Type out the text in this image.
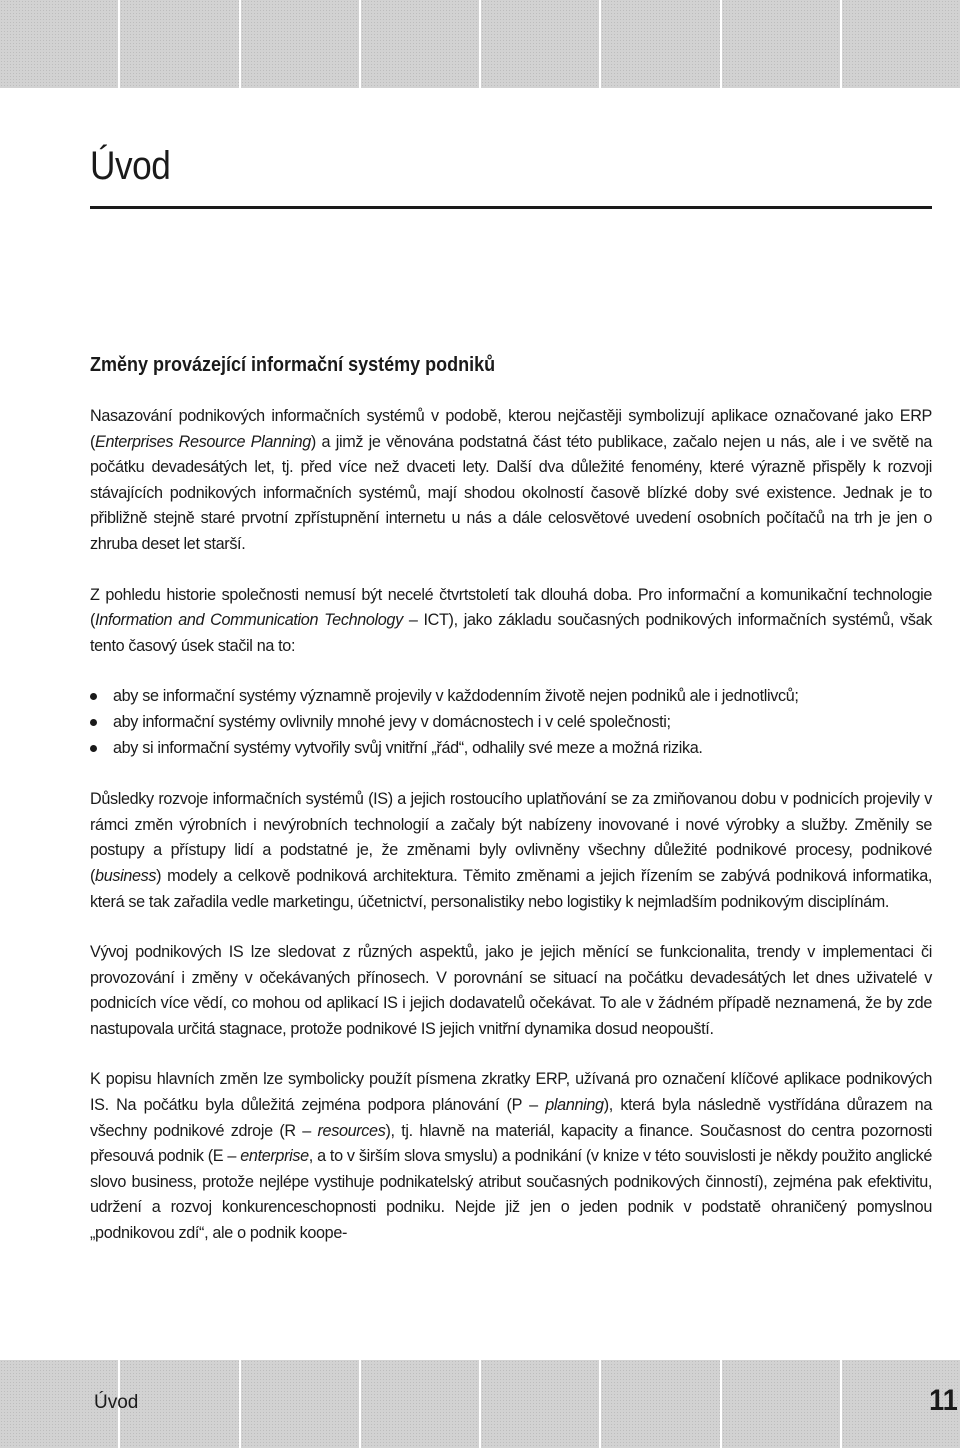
Úvod
Změny provázející informační systémy podniků

Nasazování podnikových informačních systémů v podobě, kterou nejčastěji symbolizují aplikace označované jako ERP (Enterprises Resource Planning) a jimž je věnována podstatná část této publikace, začalo nejen u nás, ale i ve světě na počátku devadesátých let, tj. před více než dvaceti lety. Další dva důležité fenomény, které výrazně přispěly k rozvoji stávajících podnikových informačních systémů, mají shodou okolností časově blízké doby své existence. Jednak je to přibližně stejně staré prvotní zpřístupnění internetu u nás a dále celosvětové uvedení osobních počítačů na trh je jen o zhruba deset let starší.

Z pohledu historie společnosti nemusí být necelé čtvrtstoletí tak dlouhá doba. Pro informační a komunikační technologie (Information and Communication Technology – ICT), jako základu současných podnikových informačních systémů, však tento časový úsek stačil na to:

aby se informační systémy významně projevily v každodenním životě nejen podniků ale i jednotlivců;
aby informační systémy ovlivnily mnohé jevy v domácnostech i v celé společnosti;
aby si informační systémy vytvořily svůj vnitřní „řád“, odhalily své meze a možná rizika.

Důsledky rozvoje informačních systémů (IS) a jejich rostoucího uplatňování se za zmiňovanou dobu v podnicích projevily v rámci změn výrobních i nevýrobních technologií a začaly být nabízeny inovované i nové výrobky a služby. Změnily se postupy a přístupy lidí a podstatné je, že změnami byly ovlivněny všechny důležité podnikové procesy, podnikové (business) modely a celkově podniková architektura. Těmito změnami a jejich řízením se zabývá podniková informatika, která se tak zařadila vedle marketingu, účetnictví, personalistiky nebo logistiky k nejmladším podnikovým disciplínám.

Vývoj podnikových IS lze sledovat z různých aspektů, jako je jejich měnící se funkcionalita, trendy v implementaci či provozování i změny v očekávaných přínosech. V porovnání se situací na počátku devadesátých let dnes uživatelé v podnicích více vědí, co mohou od aplikací IS i jejich dodavatelů očekávat. To ale v žádném případě neznamená, že by zde nastupovala určitá stagnace, protože podnikové IS jejich vnitřní dynamika dosud neopouští.

K popisu hlavních změn lze symbolicky použít písmena zkratky ERP, užívaná pro označení klíčové aplikace podnikových IS. Na počátku byla důležitá zejména podpora plánování (P – planning), která byla následně vystřídána důrazem na všechny podnikové zdroje (R – resources), tj. hlavně na materiál, kapacity a finance. Současnost do centra pozornosti přesouvá podnik (E – enterprise, a to v širším slova smyslu) a podnikání (v knize v této souvislosti je někdy použito anglické slovo business, protože nejlépe vystihuje podnikatelský atribut současných podnikových činností), zejména pak efektivitu, udržení a rozvoj konkurenceschopnosti podniku. Nejde již jen o jeden podnik v podstatě ohraničený pomyslnou „podnikovou zdí“, ale o podnik koope-

Úvod	11
